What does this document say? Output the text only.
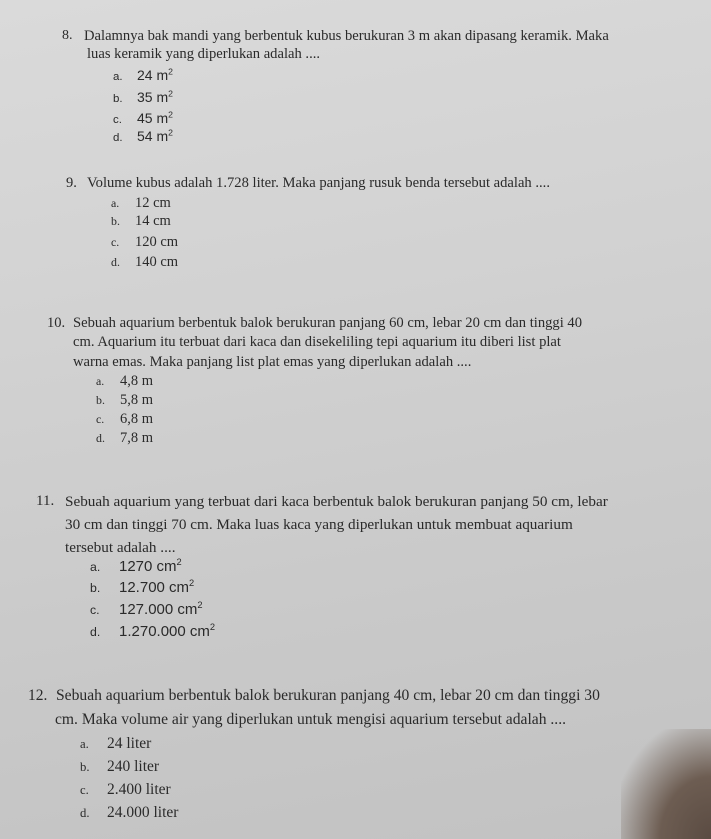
8. Dalamnya bak mandi yang berbentuk kubus berukuran 3 m akan dipasang keramik. Maka
luas keramik yang diperlukan adalah ....
a. 24 $m^2$
b. 35 $m^2$
c. 45 $m^2$
d. 54 $m^2$
9. Volume kubus adalah 1.728 liter. Maka panjang rusuk benda tersebut adalah ....
a. 12 cm
b. 14 cm
c. 120 cm
d. 140 cm
10. Sebuah aquarium berbentuk balok berukuran panjang 60 cm, lebar 20 cm dan tinggi 40
cm. Aquarium itu terbuat dari kaca dan disekeliling tepi aquarium itu diberi list plat
warna emas. Maka panjang list plat emas yang diperlukan adalah ....
a. 4,8 m
b. 5,8 m
c. 6,8 m
d. 7,8 m
11. Sebuah aquarium yang terbuat dari kaca berbentuk balok berukuran panjang 50 cm, lebar
30 cm dan tinggi 70 cm. Maka luas kaca yang diperlukan untuk membuat aquarium
tersebut adalah ....
a. 1270 $cm^2$
b. 12.700 $cm^2$
c. 127.000 $cm^2$
d. 1.270.000 $cm^2$
12. Sebuah aquarium berbentuk balok berukuran panjang 40 cm, lebar 20 cm dan tinggi 30
cm. Maka volume air yang diperlukan untuk mengisi aquarium tersebut adalah ....
a. 24 liter
b. 240 liter
c. 2.400 liter
d. 24.000 liter
